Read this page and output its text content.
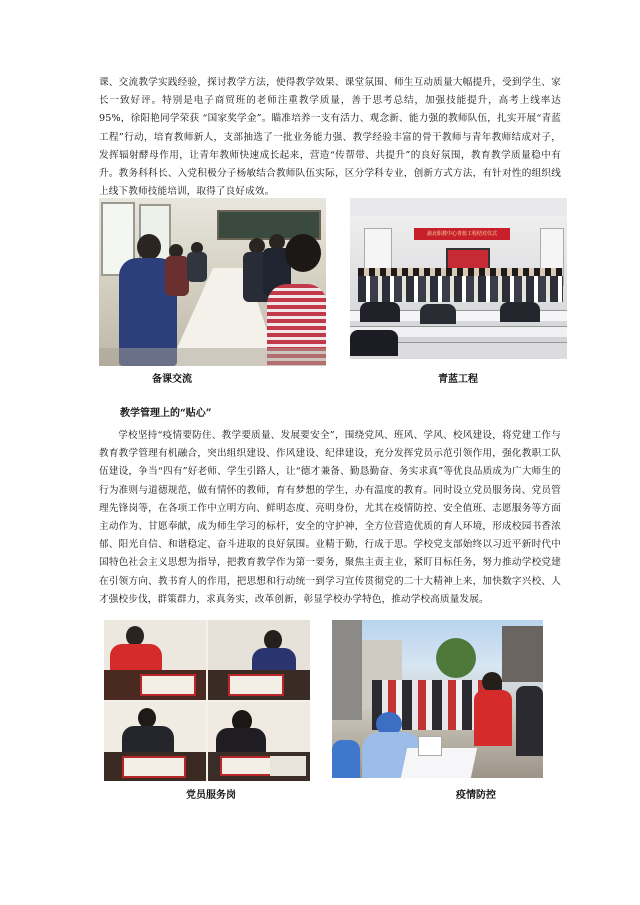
课、交流教学实践经验，探讨教学方法，使得教学效果、课堂氛围、师生互动质量大幅提升，受到学生、家长一致好评。特别是电子商贸班的老师注重教学质量，善于思考总结，加强技能提升，高考上线率达 95%，徐阳艳同学荣获 “国家奖学金”。瞄准培养一支有活力、观念新、能力强的教师队伍，扎实开展“青蓝工程”行动，培育教师新人，支部抽选了一批业务能力强、教学经验丰富的骨干教师与青年教师结成对子，发挥辐射酵母作用，让青年教师快速成长起来，营造“传帮带、共提升”的良好氛围，教育教学质量稳中有升。教务科科长、入党积极分子杨敏结合教师队伍实际，区分学科专业，创新方式方法，有针对性的组织线上线下教师技能培训，取得了良好成效。

备课交流
渝北职教中心青蓝工程结对仪式
青蓝工程
教学管理上的“贴心”

学校坚持“疫情要防住、教学要质量、发展要安全”，围绕党风、班风、学风、校风建设，将党建工作与教育教学管理有机融合，突出组织建设、作风建设、纪律建设，充分发挥党员示范引领作用，强化教职工队伍建设，争当“四有”好老师、学生引路人，让“德才兼备、勤恳勤奋、务实求真”等优良品质成为广大师生的行为准则与道德规范，做有情怀的教师，育有梦想的学生，办有温度的教育。同时设立党员服务岗、党员管理先锋岗等，在各项工作中立明方向、鲜明态度、亮明身份，尤其在疫情防控、安全值班、志愿服务等方面主动作为、甘愿奉献，成为师生学习的标杆，安全的守护神，全方位营造优质的育人环境，形成校园书香浓郁、阳光自信、和谐稳定、奋斗进取的良好氛围。业精于勤，行成于思。学校党支部始终以习近平新时代中国特色社会主义思想为指导，把教育教学作为第一要务，聚焦主责主业，紧盯目标任务，努力推动学校党建在引领方向、教书育人的作用，把思想和行动统一到学习宣传贯彻党的二十大精神上来，加快数字兴校、人才强校步伐，群策群力，求真务实，改革创新，彰显学校办学特色，推动学校高质量发展。

党员服务岗	疫情防控
